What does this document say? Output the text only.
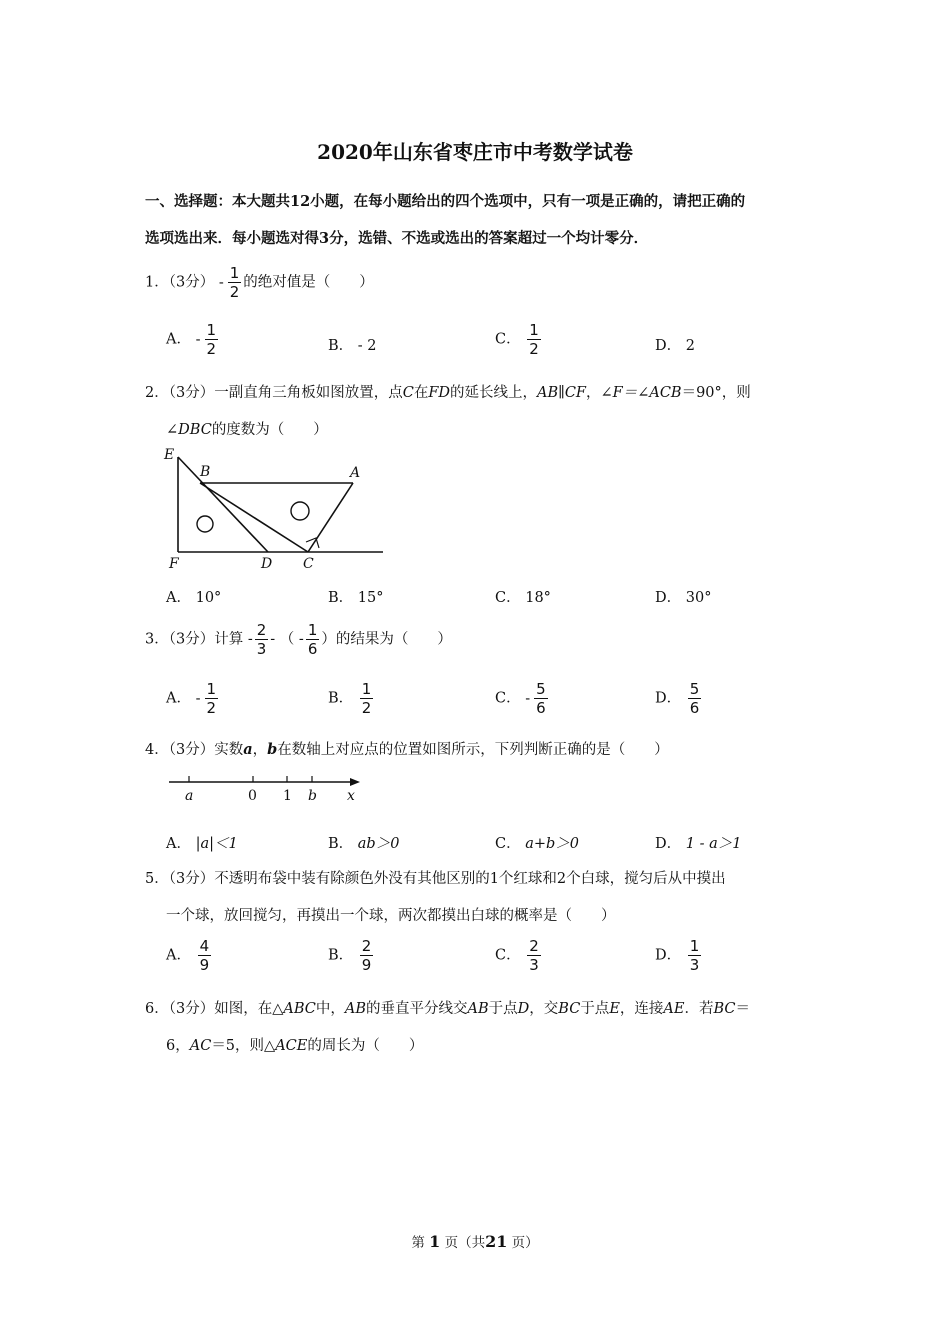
2020年山东省枣庄市中考数学试卷
一、选择题：本大题共12小题，在每小题给出的四个选项中，只有一项是正确的，请把正确的
选项选出来．每小题选对得3分，选错、不选或选出的答案超过一个均计零分．
1．（3分） - $\frac{1}{2}$ 的绝对值是（　　）
A． - $\frac{1}{2}$	B． - 2	C． $\frac{1}{2}$	D． 2
2．（3分）一副直角三角板如图放置，点C在FD的延长线上，AB∥CF，∠F＝∠ACB＝90°，则
∠DBC的度数为（　　）
E
B	A
F	D C
A． 10°	B． 15°	C． 18°	D． 30°
3．（3分）计算 - $\frac{2}{3}$ - （ - $\frac{1}{6}$ ）的结果为（　　）
A． - $\frac{1}{2}$	B． $\frac{1}{2}$	C． - $\frac{5}{6}$	D． $\frac{5}{6}$
4．（3分）实数a，b在数轴上对应点的位置如图所示，下列判断正确的是（　　）
a	0 1 b x
A． |a|＜1	B． ab＞0	C． a+b＞0	D． 1 - a＞1
5．（3分）不透明布袋中装有除颜色外没有其他区别的1个红球和2个白球，搅匀后从中摸出
一个球，放回搅匀，再摸出一个球，两次都摸出白球的概率是（　　）
A． $\frac{4}{9}$	B． $\frac{2}{9}$	C． $\frac{2}{3}$	D． $\frac{1}{3}$
6．（3分）如图，在△ABC中，AB的垂直平分线交AB于点D，交BC于点E，连接AE．若BC＝
6，AC＝5，则△ACE的周长为（　　）
第 1 页（共21 页）
